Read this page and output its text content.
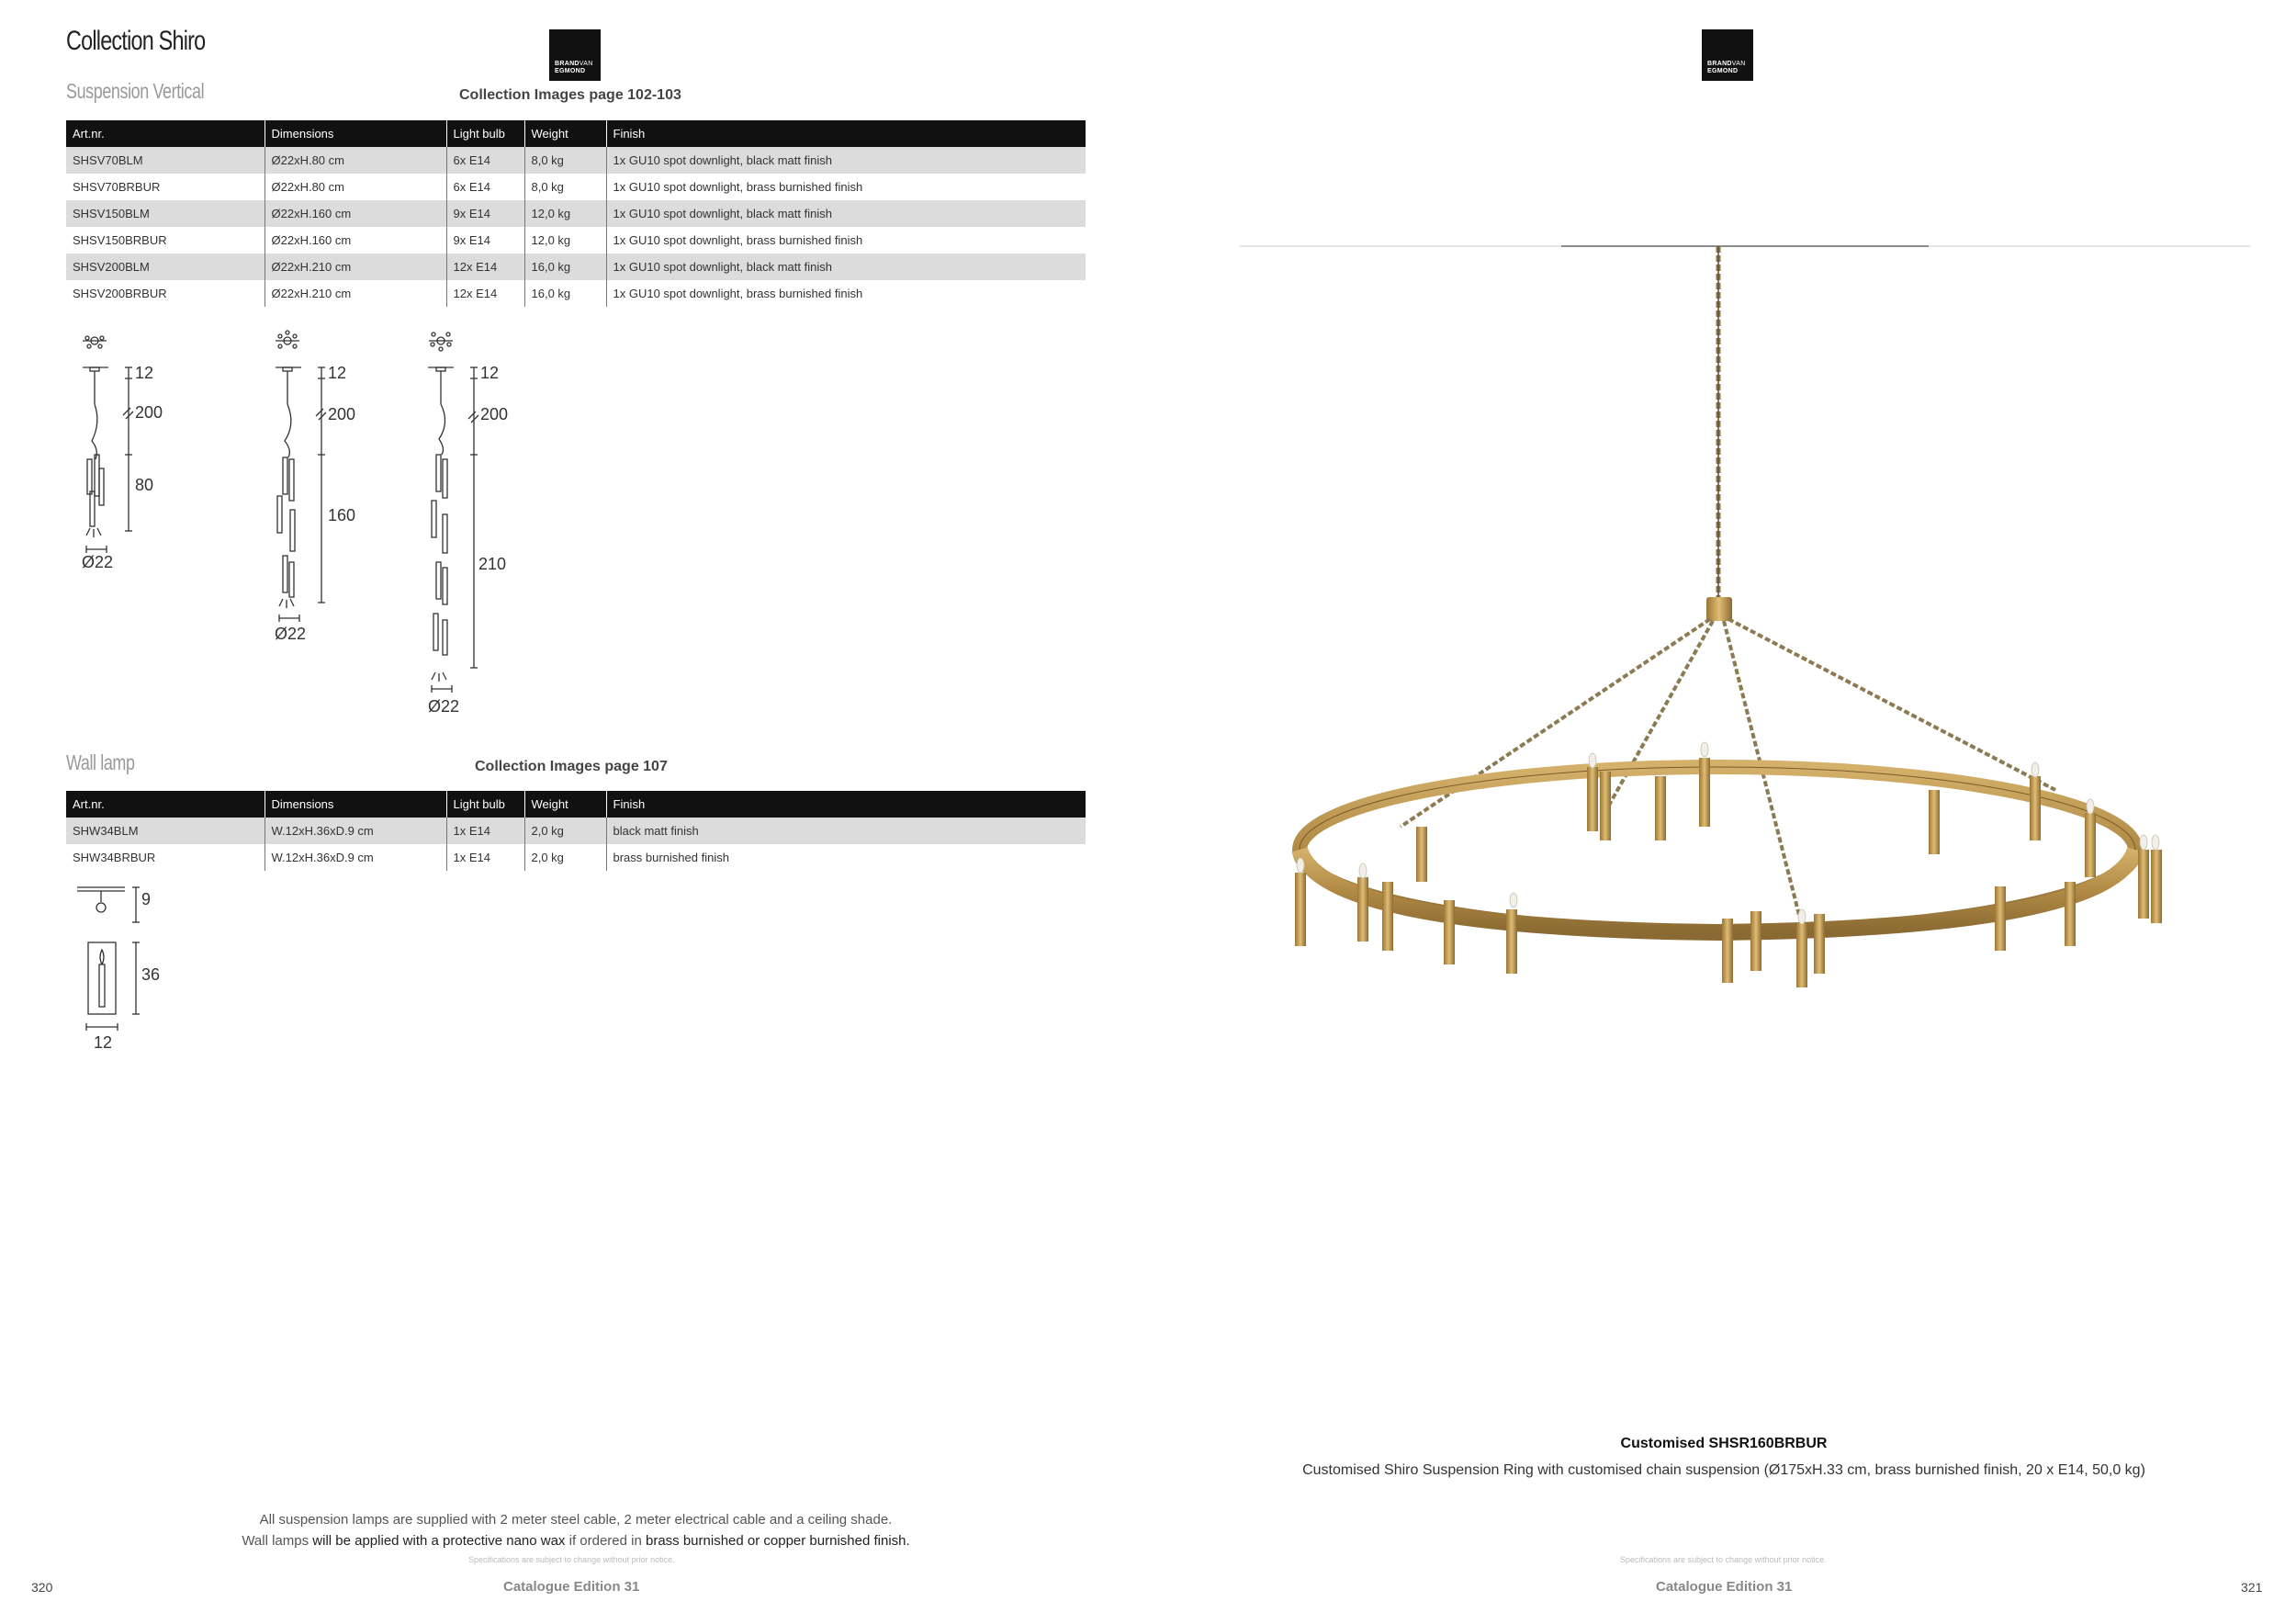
Collection Shiro
BRANDVAN
EGMOND
Suspension Vertical	Collection Images page 102-103
Art.nr.	Dimensions	Light bulb	Weight	Finish
SHSV70BLM	Ø22xH.80 cm	6x E14	8,0 kg	1x GU10 spot downlight, black matt finish
SHSV70BRBUR	Ø22xH.80 cm	6x E14	8,0 kg	1x GU10 spot downlight, brass burnished finish
SHSV150BLM	Ø22xH.160 cm	9x E14	12,0 kg	1x GU10 spot downlight, black matt finish
SHSV150BRBUR	Ø22xH.160 cm	9x E14	12,0 kg	1x GU10 spot downlight, brass burnished finish
SHSV200BLM	Ø22xH.210 cm	12x E14	16,0 kg	1x GU10 spot downlight, black matt finish
SHSV200BRBUR	Ø22xH.210 cm	12x E14	16,0 kg	1x GU10 spot downlight, brass burnished finish
12
200
80
Ø22
12
200
160
Ø22
12
200
210
Ø22
Wall lamp	Collection Images page 107
Art.nr.	Dimensions	Light bulb	Weight	Finish
SHW34BLM	W.12xH.36xD.9 cm	1x E14	2,0 kg	black matt finish
SHW34BRBUR	W.12xH.36xD.9 cm	1x E14	2,0 kg	brass burnished finish
9
36
12
All suspension lamps are supplied with 2 meter steel cable, 2 meter electrical cable and a ceiling shade.
Wall lamps will be applied with a protective nano wax if ordered in brass burnished or copper burnished finish.
Specifications are subject to change without prior notice.
320	Catalogue Edition 31
BRANDVAN
EGMOND
Customised SHSR160BRBUR
Customised Shiro Suspension Ring with customised chain suspension (Ø175xH.33 cm, brass burnished finish, 20 x E14, 50,0 kg)
Specifications are subject to change without prior notice.
Catalogue Edition 31	321
